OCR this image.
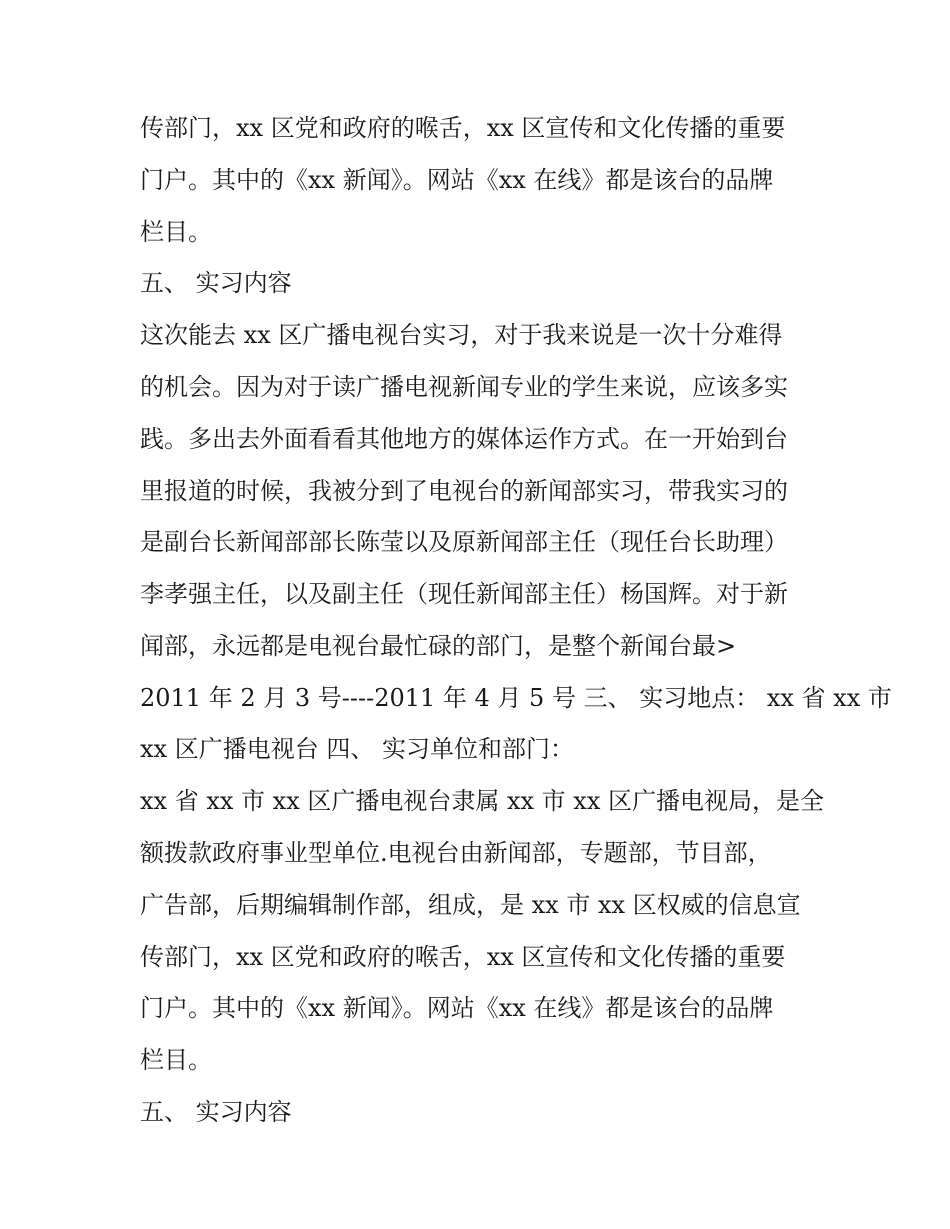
传部门，xx 区党和政府的喉舌，xx 区宣传和文化传播的重要

门户。其中的《xx 新闻》。网站《xx 在线》都是该台的品牌

栏目。

五、 实习内容

这次能去 xx 区广播电视台实习，对于我来说是一次十分难得

的机会。因为对于读广播电视新闻专业的学生来说，应该多实

践。多出去外面看看其他地方的媒体运作方式。在一开始到台

里报道的时候，我被分到了电视台的新闻部实习，带我实习的

是副台长新闻部部长陈莹以及原新闻部主任（现任台长助理）

李孝强主任，以及副主任（现任新闻部主任）杨国辉。对于新

闻部，永远都是电视台最忙碌的部门，是整个新闻台最>

2011 年 2 月 3 号----2011 年 4 月 5 号 三、 实习地点： xx 省 xx 市

xx 区广播电视台 四、 实习单位和部门：

xx 省 xx 市 xx 区广播电视台隶属 xx 市 xx 区广播电视局，是全

额拨款政府事业型单位.电视台由新闻部，专题部，节目部，

广告部，后期编辑制作部，组成，是 xx 市 xx 区权威的信息宣

传部门，xx 区党和政府的喉舌，xx 区宣传和文化传播的重要

门户。其中的《xx 新闻》。网站《xx 在线》都是该台的品牌

栏目。

五、 实习内容
